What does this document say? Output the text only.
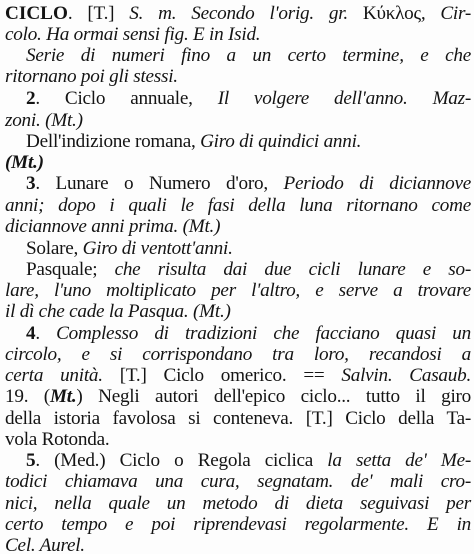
CICLO. [T.] S. m. Secondo l'orig. gr. Κύκλος, Cir-
colo. Ha ormai sensi fig. E in Isid.
Serie di numeri fino a un certo termine, e che
ritornano poi gli stessi.
2. Ciclo annuale, Il volgere dell'anno. Maz-
zoni. (Mt.)
Dell'indizione romana, Giro di quindici anni.
(Mt.)
3. Lunare o Numero d'oro, Periodo di diciannove
anni; dopo i quali le fasi della luna ritornano come
diciannove anni prima. (Mt.)
Solare, Giro di ventott'anni.
Pasquale; che risulta dai due cicli lunare e so-
lare, l'uno moltiplicato per l'altro, e serve a trovare
il dì che cade la Pasqua. (Mt.)
4. Complesso di tradizioni che facciano quasi un
circolo, e si corrispondano tra loro, recandosi a
certa unità. [T.] Ciclo omerico. == Salvin. Casaub.
19. (Mt.) Negli autori dell'epico ciclo... tutto il giro
della istoria favolosa si conteneva. [T.] Ciclo della Ta-
vola Rotonda.
5. (Med.) Ciclo o Regola ciclica la setta de' Me-
todici chiamava una cura, segnatam. de' mali cro-
nici, nella quale un metodo di dieta seguivasi per
certo tempo e poi riprendevasi regolarmente. E in
Cel. Aurel.
